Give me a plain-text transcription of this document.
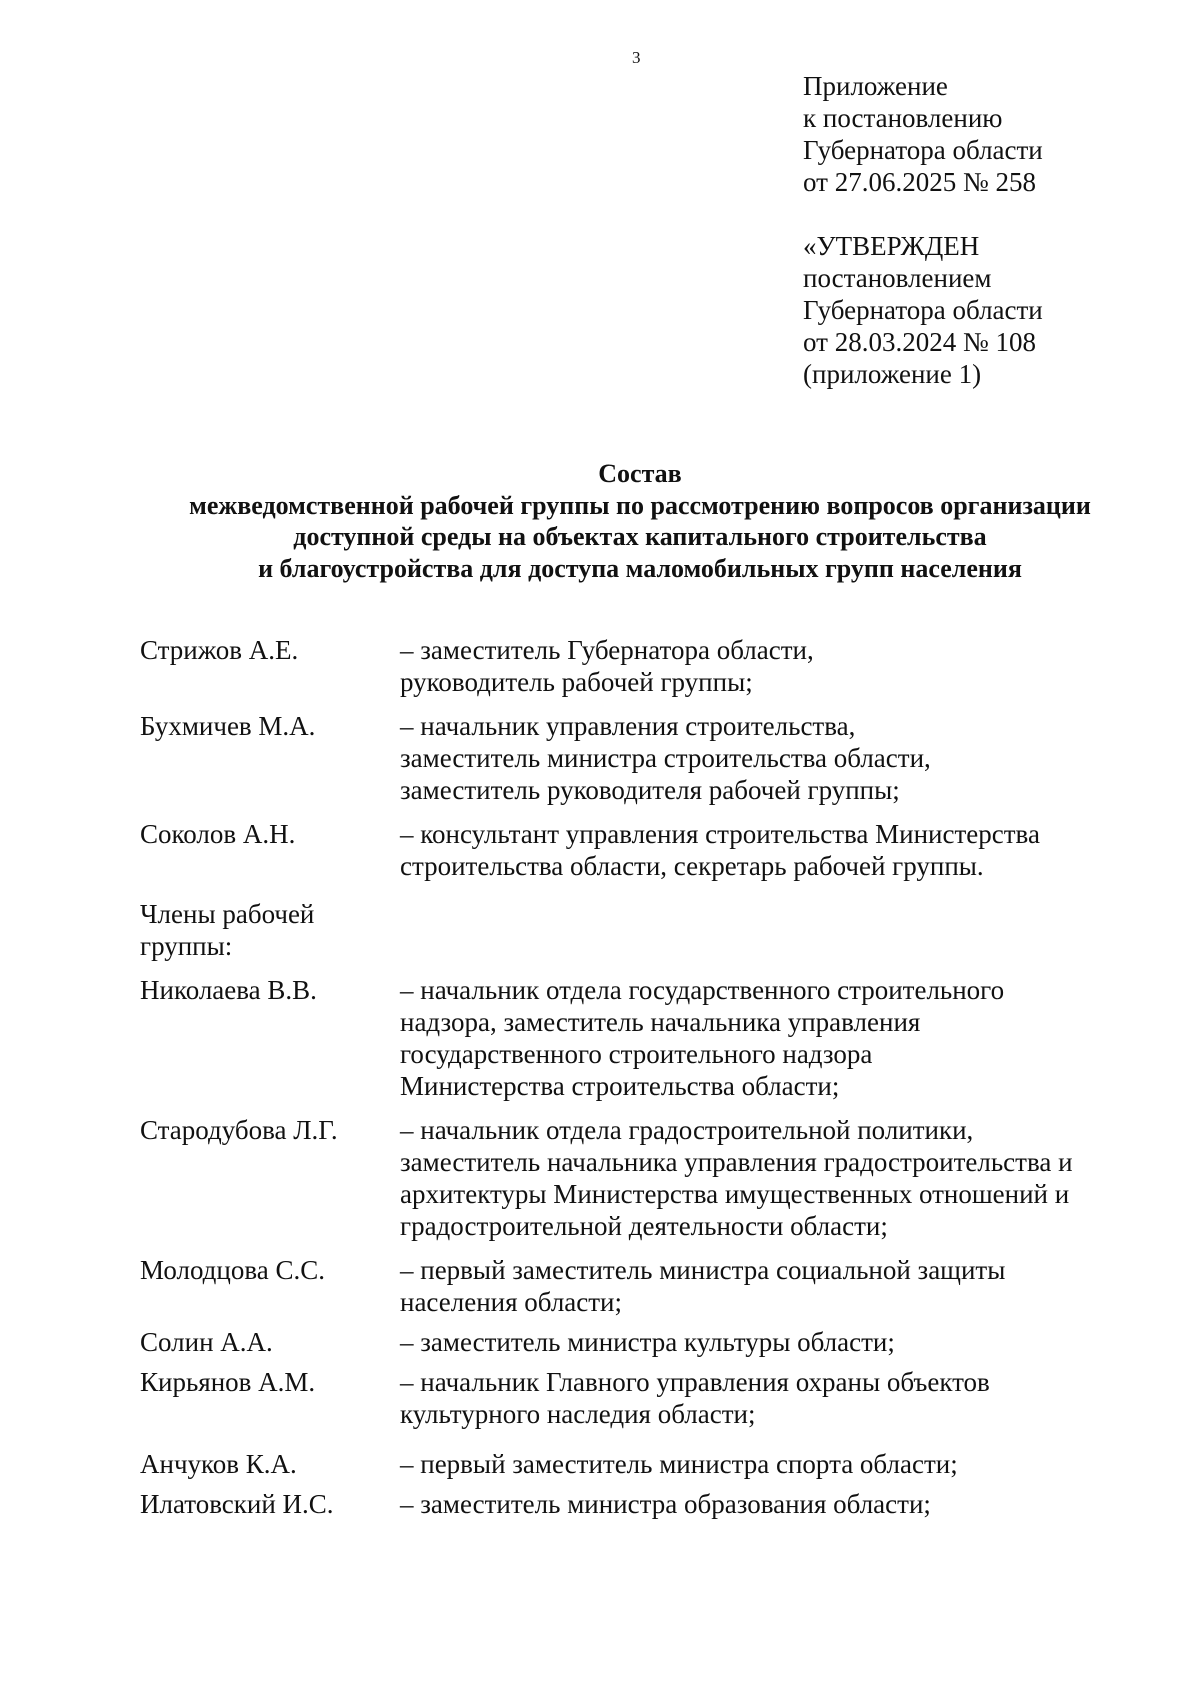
3
Приложение
к постановлению
Губернатора области
от 27.06.2025 № 258
«УТВЕРЖДЕН
постановлением
Губернатора области
от 28.03.2024 № 108
(приложение 1)
Состав
межведомственной рабочей группы по рассмотрению вопросов организации
доступной среды на объектах капитального строительства
и благоустройства для доступа маломобильных групп населения
Стрижов А.Е.	– заместитель Губернатора области,
руководитель рабочей группы;
Бухмичев М.А.	– начальник управления строительства,
заместитель министра строительства области,
заместитель руководителя рабочей группы;
Соколов А.Н.	– консультант управления строительства Министерства
строительства области, секретарь рабочей группы.
Члены рабочей
группы:
Николаева В.В.	– начальник отдела государственного строительного
надзора, заместитель начальника управления
государственного строительного надзора
Министерства строительства области;
Стародубова Л.Г.	– начальник отдела градостроительной политики,
заместитель начальника управления градостроительства и
архитектуры Министерства имущественных отношений и
градостроительной деятельности области;
Молодцова С.С.	– первый заместитель министра социальной защиты
населения области;
Солин А.А.	– заместитель министра культуры области;
Кирьянов А.М.	– начальник Главного управления охраны объектов
культурного наследия области;
Анчуков К.А.	– первый заместитель министра спорта области;
Илатовский И.С.	– заместитель министра образования области;
